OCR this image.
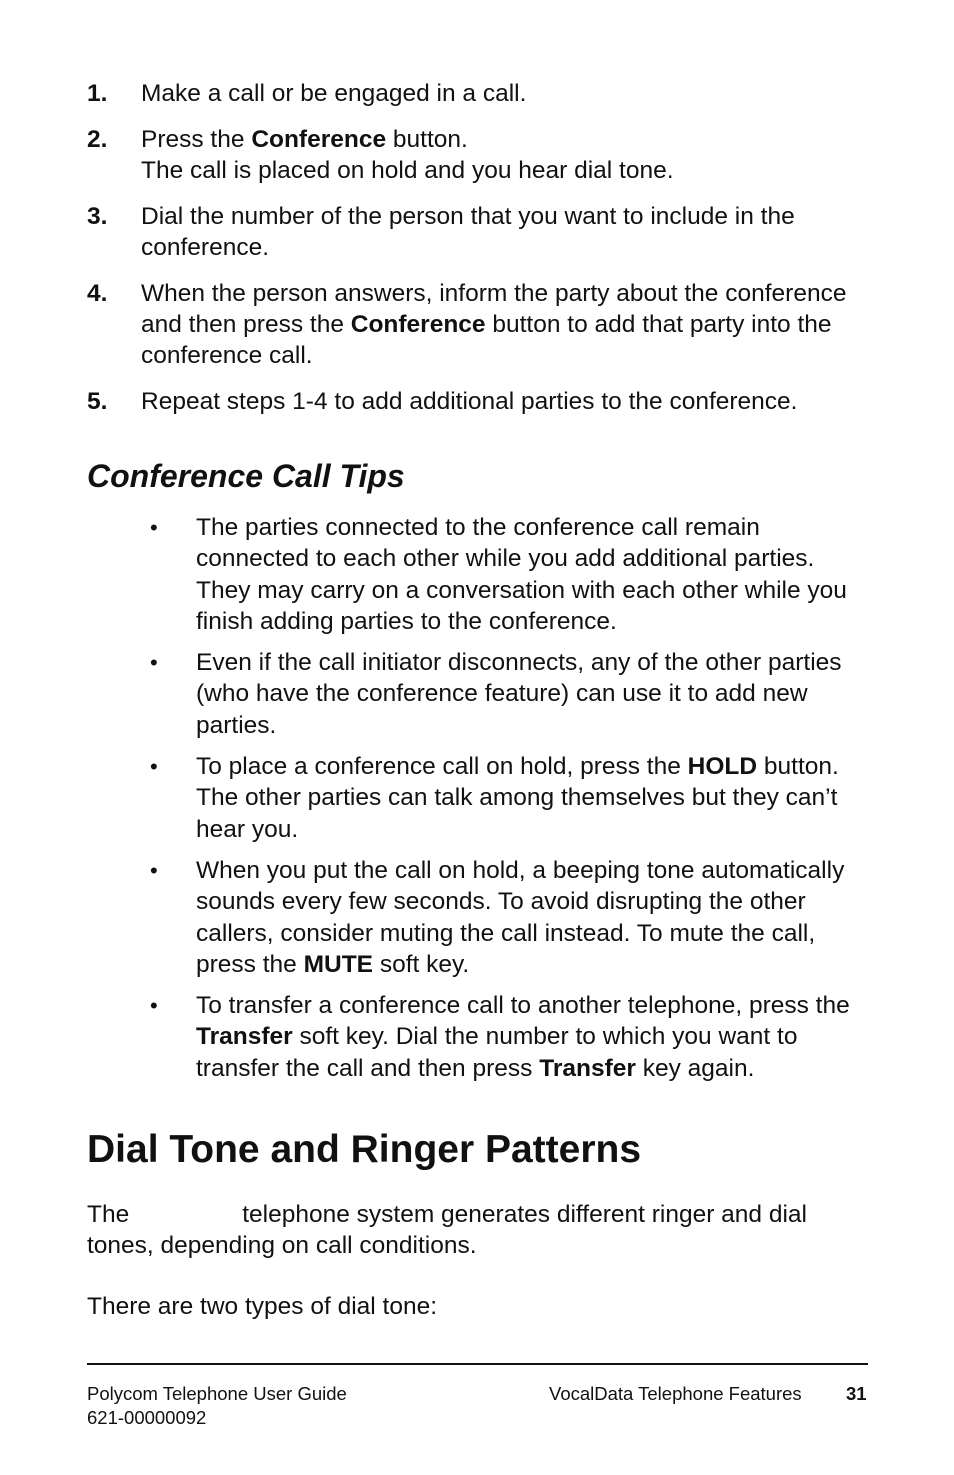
1. Make a call or be engaged in a call.
2. Press the Conference button.
The call is placed on hold and you hear dial tone.
3. Dial the number of the person that you want to include in the conference.
4. When the person answers, inform the party about the conference and then press the Conference button to add that party into the conference call.
5. Repeat steps 1-4 to add additional parties to the conference.
Conference Call Tips
• The parties connected to the conference call remain connected to each other while you add additional parties. They may carry on a conversation with each other while you finish adding parties to the conference.
• Even if the call initiator disconnects, any of the other parties (who have the conference feature) can use it to add new parties.
• To place a conference call on hold, press the HOLD button. The other parties can talk among themselves but they can’t hear you.
• When you put the call on hold, a beeping tone automatically sounds every few seconds. To avoid disrupting the other callers, consider muting the call instead. To mute the call, press the MUTE soft key.
• To transfer a conference call to another telephone, press the Transfer soft key. Dial the number to which you want to transfer the call and then press Transfer key again.
Dial Tone and Ringer Patterns
The	telephone system generates different ringer and dial tones, depending on call conditions.
There are two types of dial tone:
Polycom Telephone User Guide
621-00000092
VocalData Telephone Features 31
